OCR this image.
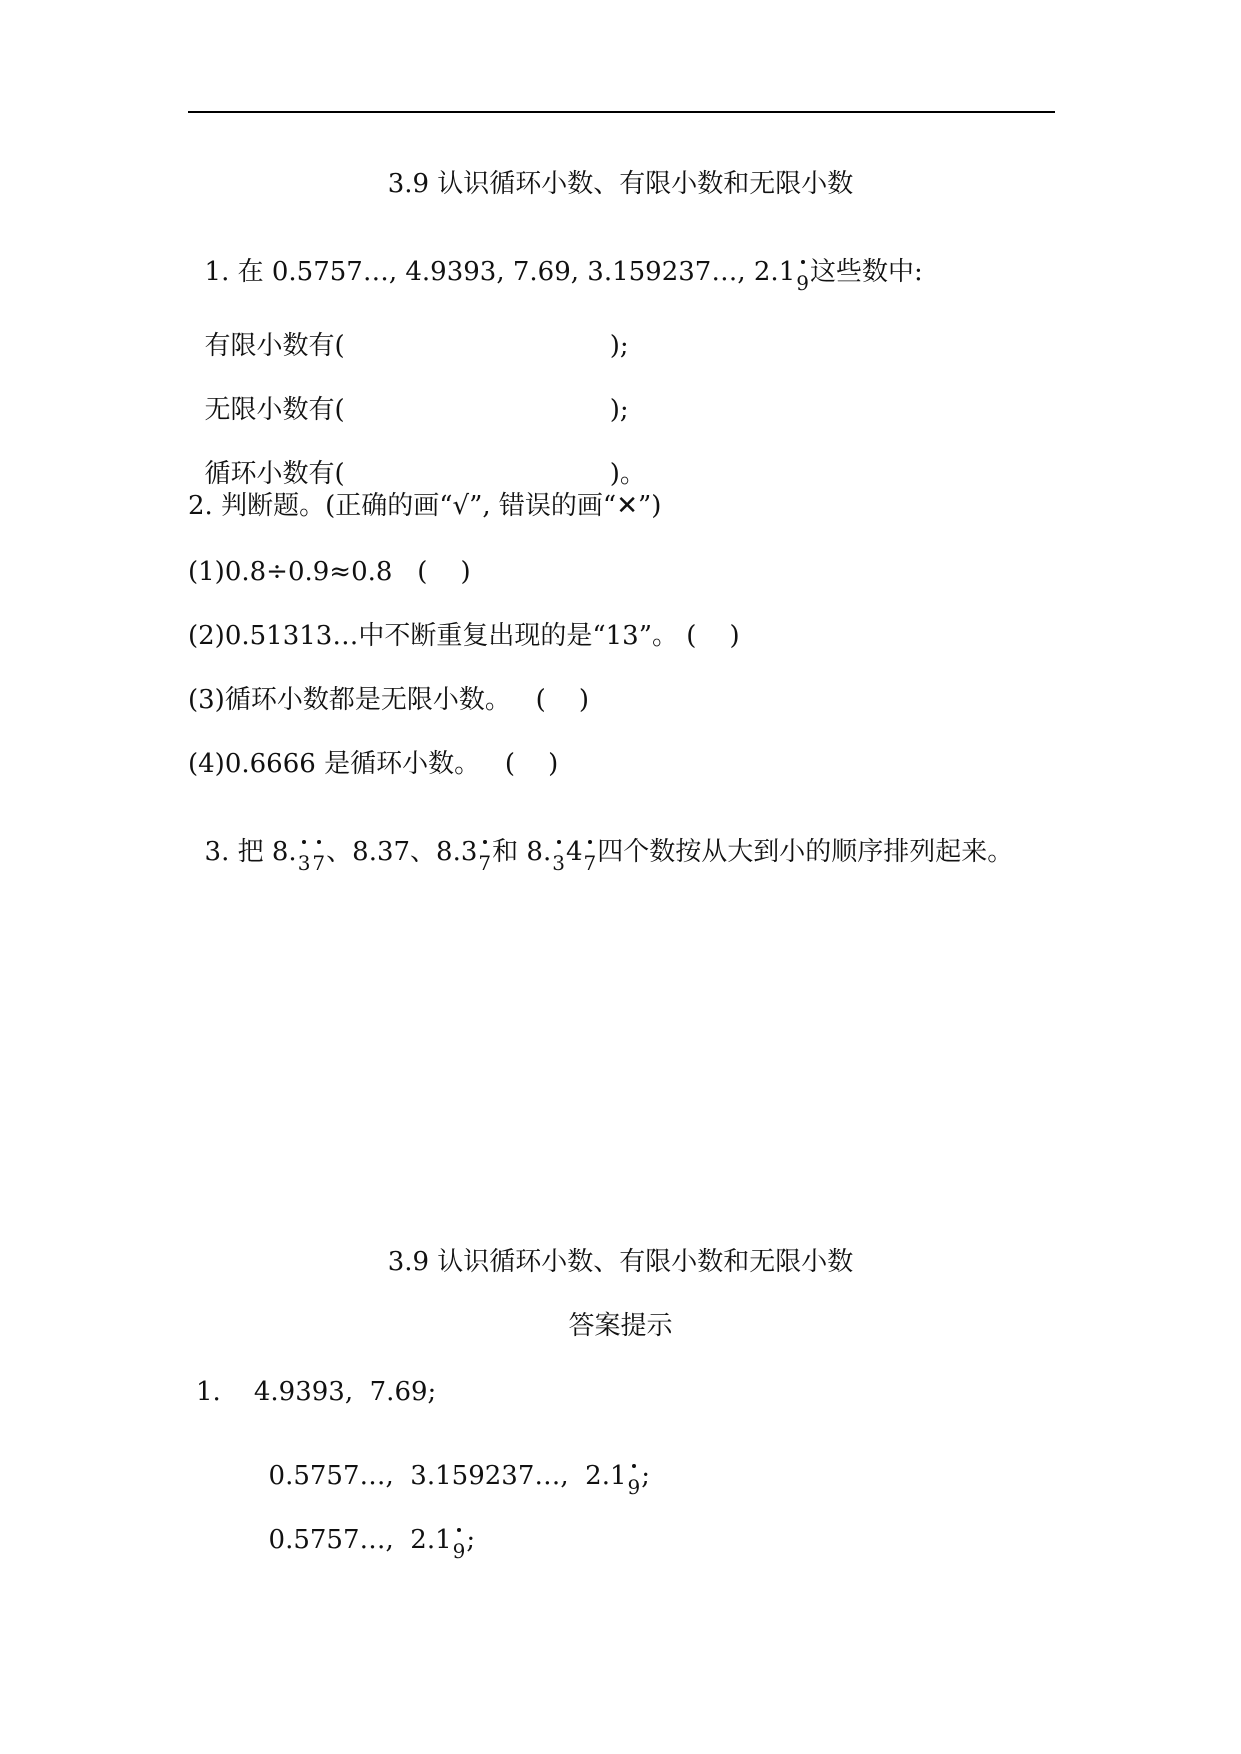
3.9 认识循环小数、有限小数和无限小数

1. 在 0.5757…, 4.9393, 7.69, 3.159237…, 2.19这些数中:

有限小数有(	);

无限小数有(	);

循环小数有(	)。

2. 判断题。(正确的画“√”, 错误的画“✕”)
(1)0.8÷0.9≈0.8   (    )
(2)0.51313…中不断重复出现的是“13”。 (    )
(3)循环小数都是无限小数。   (    )
(4)0.6666 是循环小数。   (    )

3. 把 8.3 7、8.37、8.37和 8.347四个数按从大到小的顺序排列起来。

3.9 认识循环小数、有限小数和无限小数
答案提示
1.    4.9393,  7.69;

0.5757…,  3.159237…,  2.19;

0.5757…,  2.19;
